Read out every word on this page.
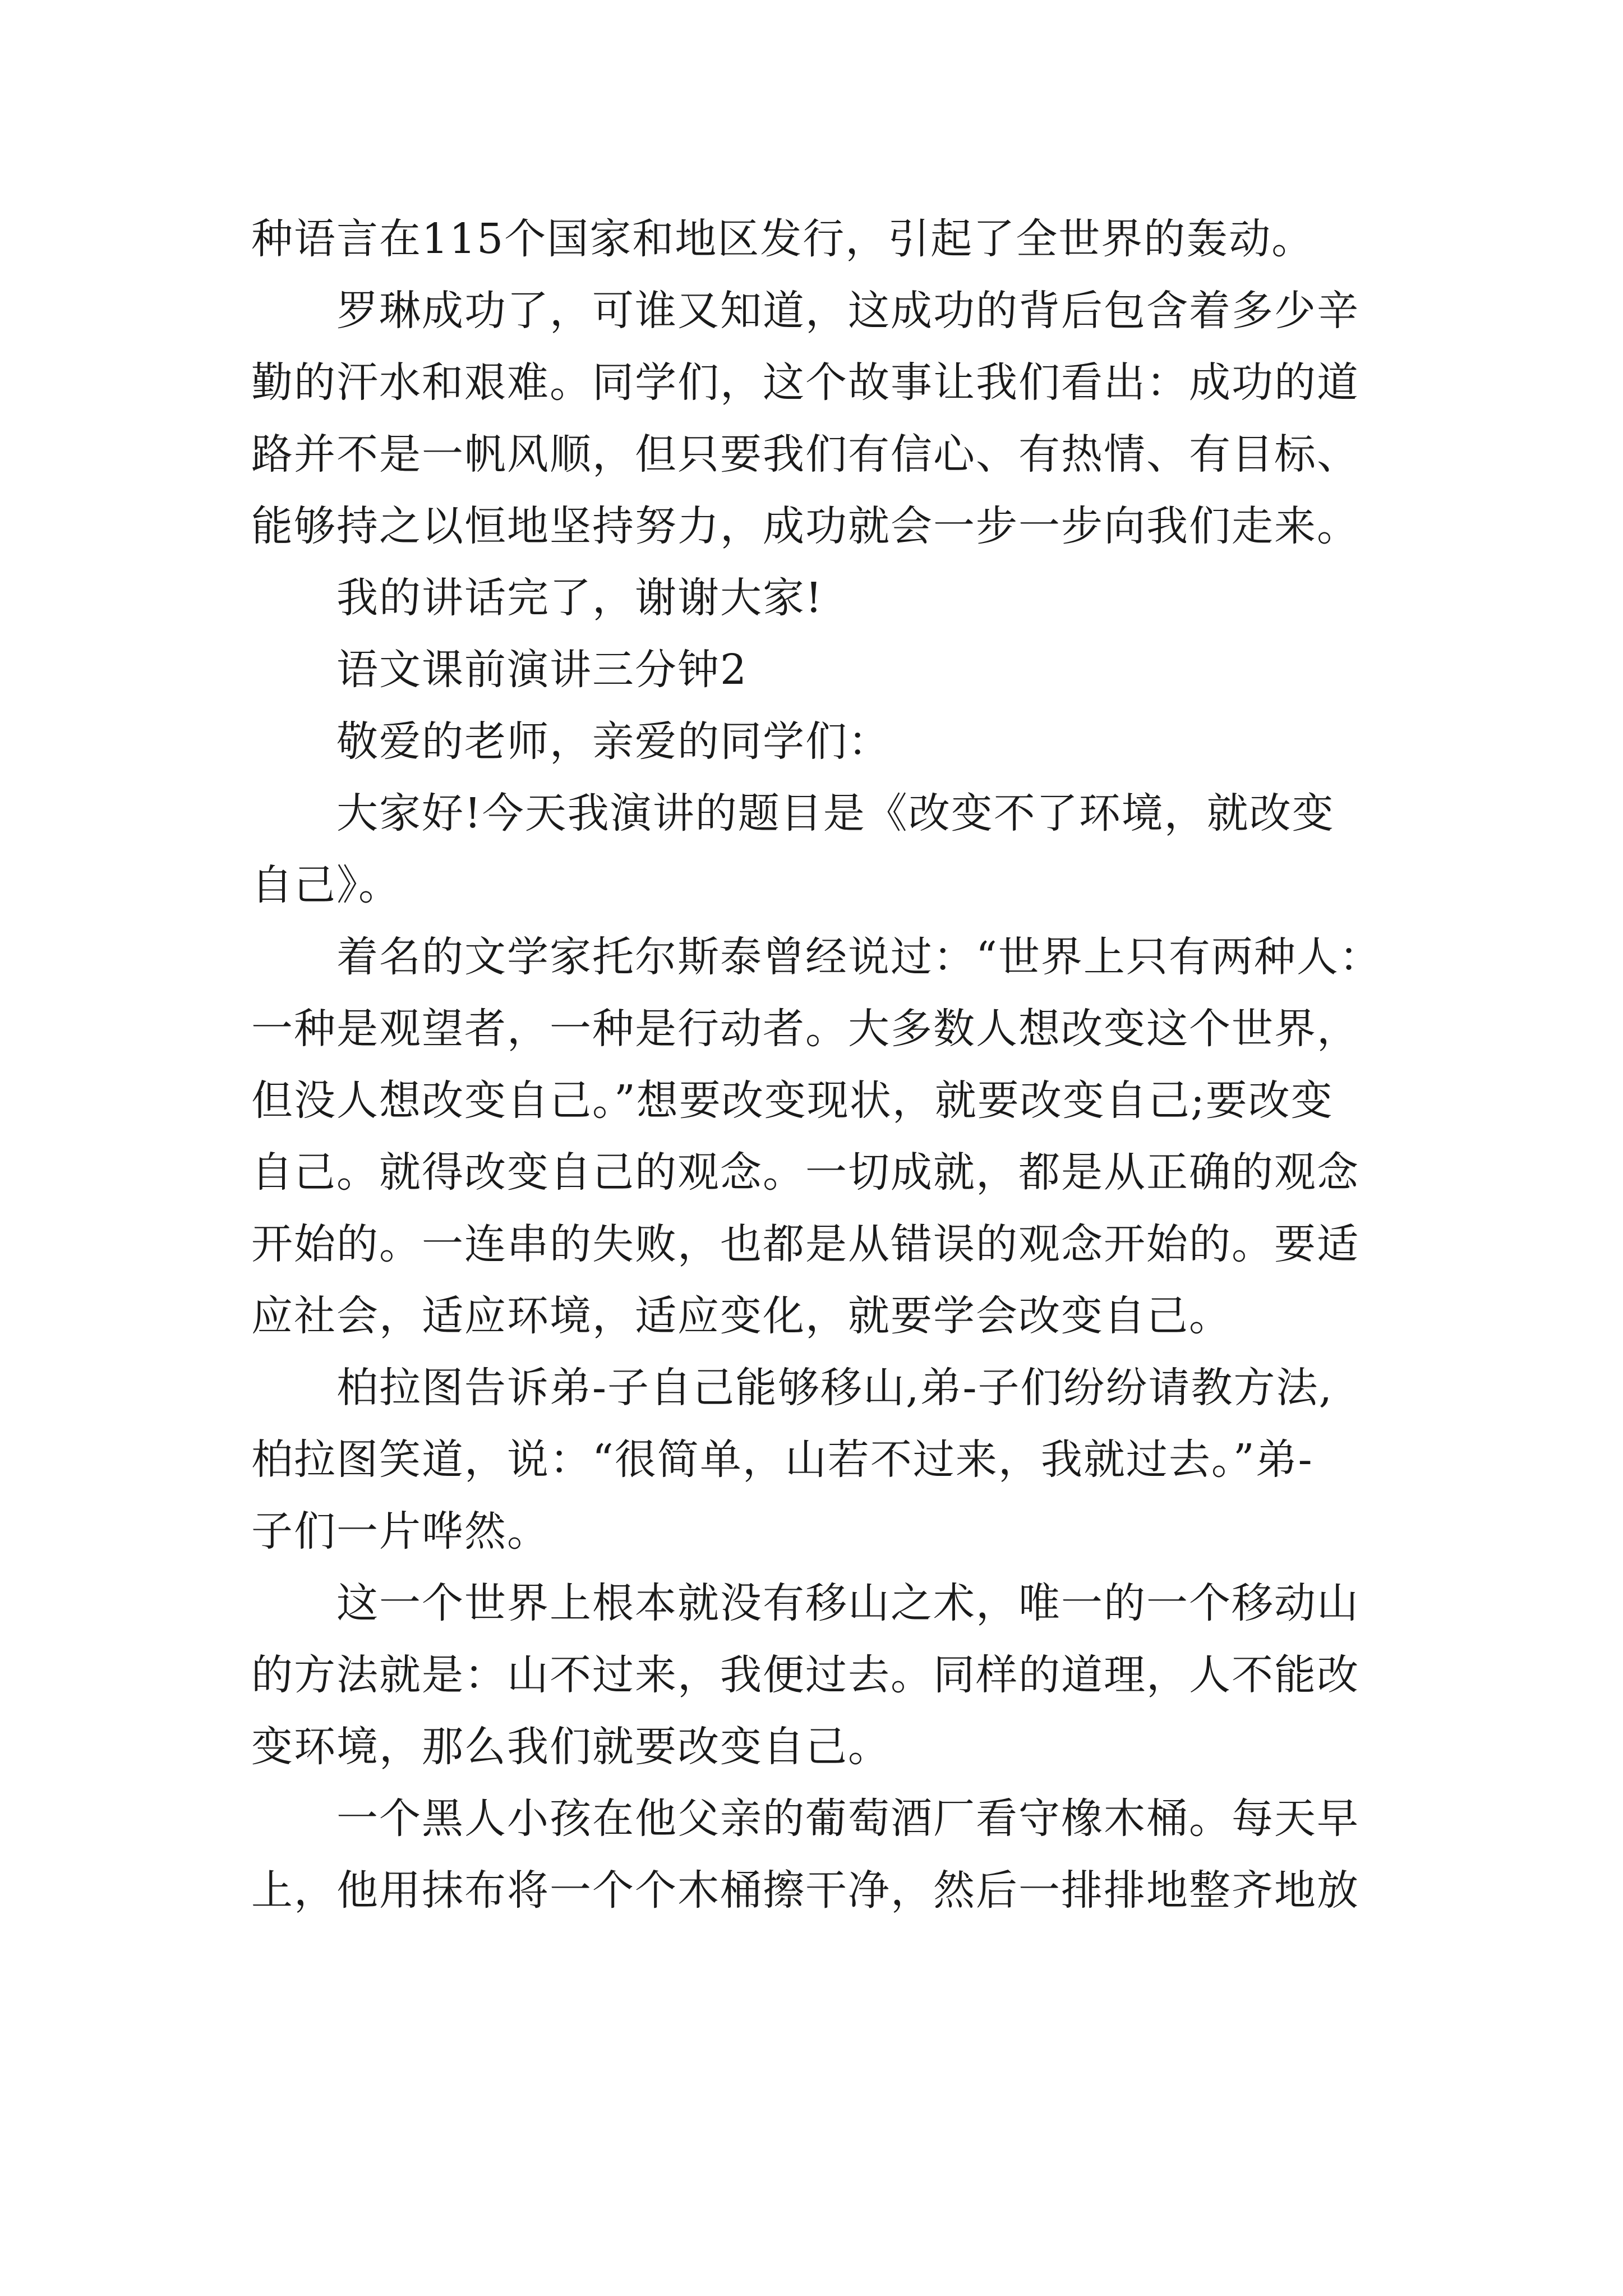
种语言在115个国家和地区发行，引起了全世界的轰动。
罗琳成功了，可谁又知道，这成功的背后包含着多少辛
勤的汗水和艰难。同学们，这个故事让我们看出：成功的道
路并不是一帆风顺，但只要我们有信心、有热情、有目标、
能够持之以恒地坚持努力，成功就会一步一步向我们走来。
我的讲话完了，谢谢大家!
语文课前演讲三分钟2
敬爱的老师，亲爱的同学们：
大家好!今天我演讲的题目是《改变不了环境，就改变
自己》。
着名的文学家托尔斯泰曾经说过：“世界上只有两种人：
一种是观望者，一种是行动者。大多数人想改变这个世界，
但没人想改变自己。”想要改变现状，就要改变自己;要改变
自己。就得改变自己的观念。一切成就，都是从正确的观念
开始的。一连串的失败，也都是从错误的观念开始的。要适
应社会，适应环境，适应变化，就要学会改变自己。
柏拉图告诉弟-子自己能够移山,弟-子们纷纷请教方法,
柏拉图笑道，说：“很简单，山若不过来，我就过去。”弟-
子们一片哗然。
这一个世界上根本就没有移山之术，唯一的一个移动山
的方法就是：山不过来，我便过去。同样的道理，人不能改
变环境，那么我们就要改变自己。
一个黑人小孩在他父亲的葡萄酒厂看守橡木桶。每天早
上，他用抹布将一个个木桶擦干净，然后一排排地整齐地放
